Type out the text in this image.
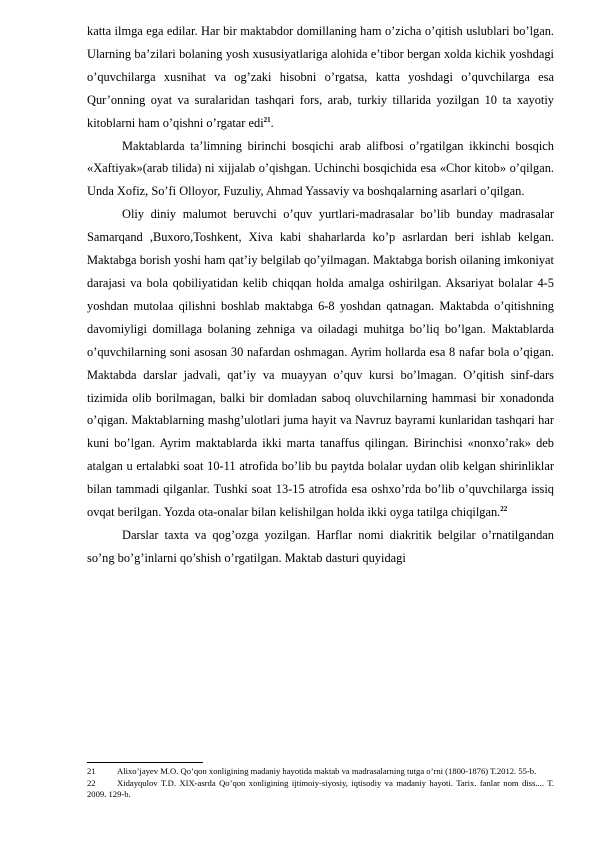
katta ilmga ega edilar. Har bir maktabdor domillaning ham o’zicha o’qitish uslublari bo’lgan. Ularning ba’zilari bolaning yosh xususiyatlariga alohida e’tibor bergan xolda kichik yoshdagi o’quvchilarga xusnihat va og’zaki hisobni o’rgatsa, katta yoshdagi o’quvchilarga esa Qur’onning oyat va suralaridan tashqari fors, arab, turkiy tillarida yozilgan 10 ta xayotiy kitoblarni ham o’qishni o’rgatar edi$^{21}$.

Maktablarda ta’limning birinchi bosqichi arab alifbosi o’rgatilgan ikkinchi bosqich «Xaftiyak»(arab tilida) ni xijjalab o’qishgan. Uchinchi bosqichida esa «Chor kitob» o’qilgan. Unda Xofiz, So’fi Olloyor, Fuzuliy, Ahmad Yassaviy va boshqalarning asarlari o’qilgan.

Oliy diniy malumot beruvchi o’quv yurtlari-madrasalar bo’lib bunday madrasalar Samarqand ,Buxoro,Toshkent, Xiva kabi shaharlarda ko’p asrlardan beri ishlab kelgan. Maktabga borish yoshi ham qat’iy belgilab qo’yilmagan. Maktabga borish oilaning imkoniyat darajasi va bola qobiliyatidan kelib chiqqan holda amalga oshirilgan. Aksariyat bolalar 4-5 yoshdan mutolaa qilishni boshlab maktabga 6-8 yoshdan qatnagan. Maktabda o’qitishning davomiyligi domillaga bolaning zehniga va oiladagi muhitga bo’liq bo’lgan. Maktablarda o’quvchilarning soni asosan 30 nafardan oshmagan. Ayrim hollarda esa 8 nafar bola o’qigan. Maktabda darslar jadvali, qat’iy va muayyan o’quv kursi bo’lmagan. O’qitish sinf-dars tizimida olib borilmagan, balki bir domladan saboq oluvchilarning hammasi bir xonadonda o’qigan. Maktablarning mashg’ulotlari juma hayit va Navruz bayrami kunlaridan tashqari har kuni bo’lgan. Ayrim maktablarda ikki marta tanaffus qilingan. Birinchisi «nonxo’rak» deb atalgan u ertalabki soat 10-11 atrofida bo’lib bu paytda bolalar uydan olib kelgan shirinliklar bilan tammadi qilganlar. Tushki soat 13-15 atrofida esa oshxo’rda bo’lib o’quvchilarga issiq ovqat berilgan. Yozda ota-onalar bilan kelishilgan holda ikki oyga tatilga chiqilgan.$^{22}$

Darslar taxta va qog’ozga yozilgan. Harflar nomi diakritik belgilar o’rnatilgandan so’ng bo’g’inlarni qo’shish o’rgatilgan. Maktab dasturi quyidagi

21 Alixo’jayev M.O. Qo’qon xonligining madaniy hayotida maktab va madrasalarning tutga o’rni (1800-1876) T.2012. 55-b.

22 Xidayqulov T.D. XIX-asrda Qo’qon xonligining ijtimoiy-siyosiy, iqtisodiy va madaniy hayoti. Tarix. fanlar nom diss.... T. 2009. 129-b.
